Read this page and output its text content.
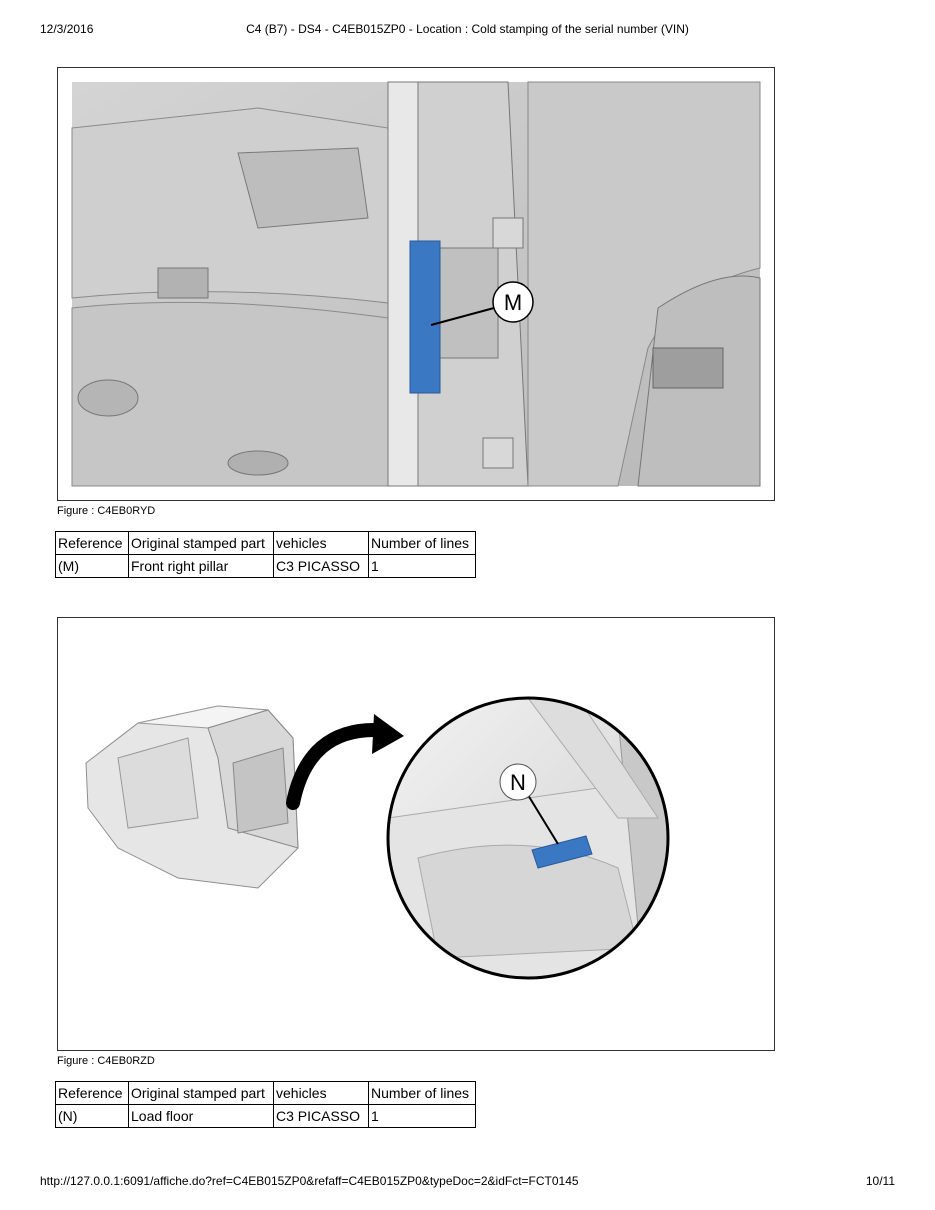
12/3/2016	C4 (B7) - DS4 - C4EB015ZP0 - Location : Cold stamping of the serial number (VIN)
M
Figure : C4EB0RYD
Reference	Original stamped part	vehicles	Number of lines
(M)	Front right pillar	C3 PICASSO	1
N
Figure : C4EB0RZD
Reference	Original stamped part	vehicles	Number of lines
(N)	Load floor	C3 PICASSO	1
http://127.0.0.1:6091/affiche.do?ref=C4EB015ZP0&refaff=C4EB015ZP0&typeDoc=2&idFct=FCT0145	10/11
